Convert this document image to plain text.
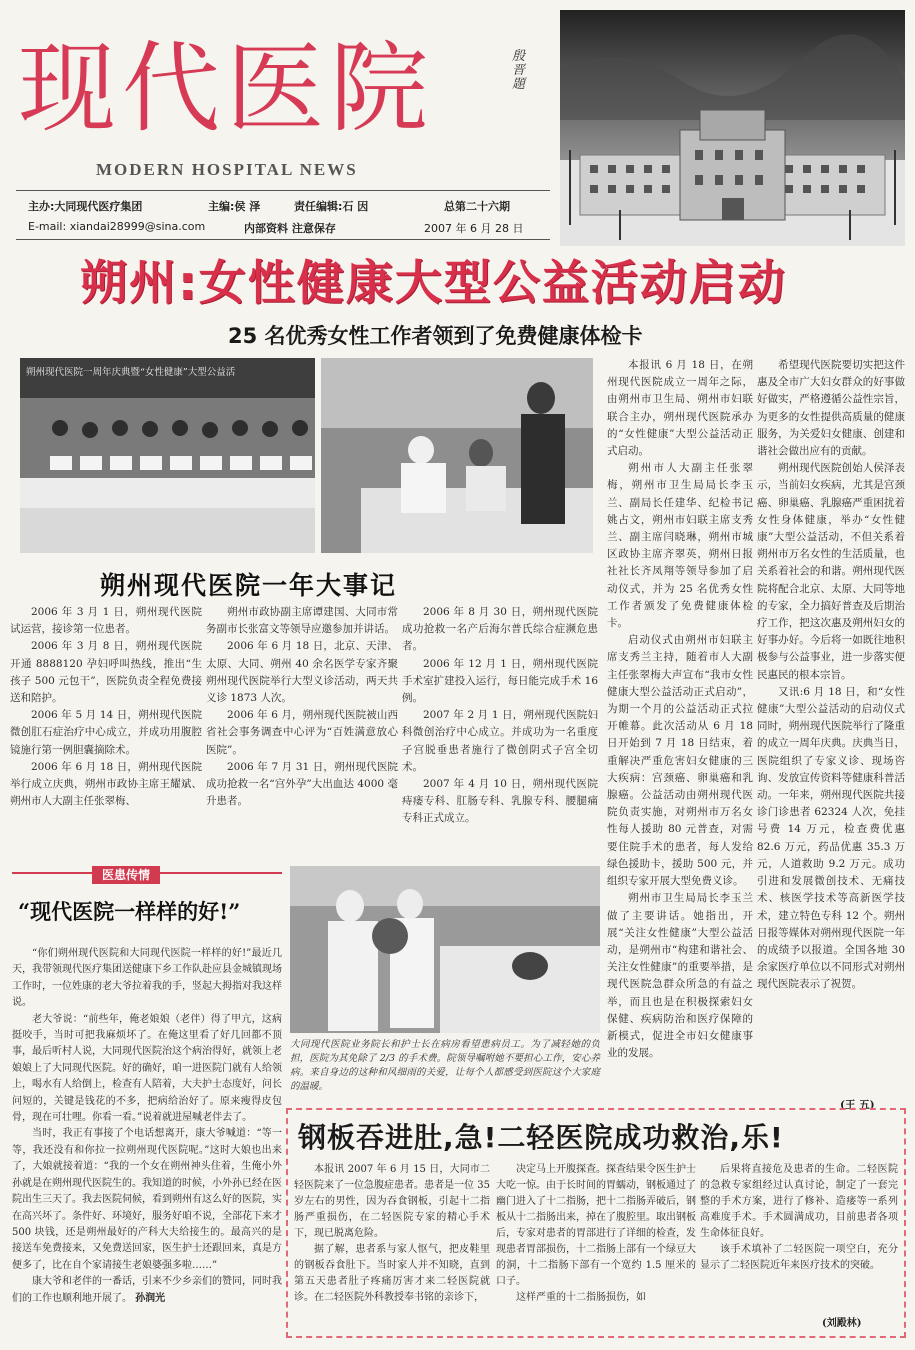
现代医院	殷晋題
MODERN HOSPITAL NEWS
主办:大同现代医疗集团	主编:侯 泽	责任编辑:石 因	总第二十六期
E-mail: xiandai28999@sina.com	内部资料 注意保存	2007 年 6 月 28 日
朔州:女性健康大型公益活动启动
25 名优秀女性工作者领到了免费健康体检卡
朔州现代医院一周年庆典暨“女性健康”大型公益活

本报讯 6 月 18 日，在朔州现代医院成立一周年之际，由朔州市卫生局、朔州市妇联联合主办，朔州现代医院承办的“女性健康”大型公益活动正式启动。

朔州市人大副主任张翠梅，朔州市卫生局局长李玉兰、副局长任建华、纪检书记姚占文，朔州市妇联主席支秀兰、副主席闫晓琳，朔州市城区政协主席齐翠英，朔州日报社社长齐凤翔等领导参加了启动仪式，并为 25 名优秀女性工作者颁发了免费健康体检卡。

启动仪式由朔州市妇联主席支秀兰主持，随着市人大副主任张翠梅大声宣布“我市女性健康大型公益活动正式启动”，为期一个月的公益活动正式拉开帷幕。此次活动从 6 月 18 日开始到 7 月 18 日结束，着重解决严重危害妇女健康的三大疾病：宫颈癌、卵巢癌和乳腺癌。公益活动由朔州现代医院负责实施，对朔州市万名女性每人援助 80 元普查，对需要住院手术的患者，每人发给绿色援助卡，援助 500 元，并组织专家开展大型免费义诊。

朔州市卫生局局长李玉兰做了主要讲话。她指出，开展“关注女性健康”大型公益活动，是朔州市“构建和谐社会、关注女性健康”的重要举措，是现代医院急群众所急的有益之举，而且也是在积极探索妇女保健、疾病防治和医疗保障的新模式，促进全市妇女健康事业的发展。

希望现代医院要切实把这件惠及全市广大妇女群众的好事做好做实，严格遵循公益性宗旨，为更多的女性提供高质量的健康服务，为关爱妇女健康、创建和谐社会做出应有的贡献。

朔州现代医院创始人侯泽表示，当前妇女疾病，尤其是宫颈癌、卵巢癌、乳腺癌严重困扰着女性身体健康，举办“女性健康”大型公益活动，不但关系着朔州市万名女性的生活质量，也关系着社会的和谐。朔州现代医院将配合北京、太原、大同等地的专家，全力搞好普查及后期治疗工作，把这次惠及朔州妇女的好事办好。今后将一如既往地积极参与公益事业，进一步落实便民惠民的根本宗旨。

又讯:6 月 18 日，和“女性健康”大型公益活动的启动仪式同时，朔州现代医院举行了隆重的成立一周年庆典。庆典当日，医院组织了专家义诊、现场咨询、发放宣传资料等健康科普活动。一年来，朔州现代医院共接诊门诊患者 62324 人次，免挂号费 14 万元，检查费优惠 82.6 万元，药品优惠 35.3 万元，人道救助 9.2 万元。成功引进和发展微创技术、无痛技术、核医学技术等高新医学技术，建立特色专科 12 个。朔州日报等媒体对朔州现代医院一年的成绩予以报道。全国各地 30 余家医疗单位以不同形式对朔州现代医院表示了祝贺。

(王 五)
朔州现代医院一年大事记

2006 年 3 月 1 日，朔州现代医院试运营，接诊第一位患者。

2006 年 3 月 8 日，朔州现代医院开通 8888120 孕妇呼叫热线，推出“生孩子 500 元包干”，医院负责全程免费接送和陪护。

2006 年 5 月 14 日，朔州现代医院微创肛石症治疗中心成立，并成功用腹腔镜施行第一例胆囊摘除术。

2006 年 6 月 18 日，朔州现代医院举行成立庆典，朔州市政协主席王耀斌、朔州市人大副主任张翠梅、

朔州市政协副主席谭建国、大同市常务副市长张富文等领导应邀参加并讲话。

2006 年 6 月 18 日，北京、天津、太原、大同、朔州 40 余名医学专家齐聚朔州现代医院举行大型义诊活动，两天共义诊 1873 人次。

2006 年 6 月，朔州现代医院被山西省社会事务调查中心评为“百姓满意放心医院”。

2006 年 7 月 31 日，朔州现代医院成功抢救一名“宫外孕”大出血达 4000 毫升患者。

2006 年 8 月 30 日，朔州现代医院成功抢救一名产后海尔普氏综合症濒危患者。

2006 年 12 月 1 日，朔州现代医院手术室扩建投入运行，每日能完成手术 16 例。

2007 年 2 月 1 日，朔州现代医院妇科微创治疗中心成立。并成功为一名重度子宫脱垂患者施行了微创阴式子宫全切术。

2007 年 4 月 10 日，朔州现代医院痔瘘专科、肛肠专科、乳腺专科、腰腿痛专科正式成立。

医患传情
“现代医院一样样的好!”

“你们朔州现代医院和大同现代医院一样样的好!”最近几天，我带领现代医疗集团送健康下乡工作队赴应县金城镇现场工作时，一位姓康的老大爷拉着我的手，竖起大拇指对我这样说。

老大爷说：“前些年，俺老娘娘（老伴）得了甲亢，这病挺咬手，当时可把我麻烦坏了。在俺这里看了好几回都不顶事，最后听村人说，大同现代医院治这个病治得好，就领上老娘娘上了大同现代医院。好的确好，咱一进医院门就有人给领上，喝水有人给倒上，检查有人陪着，大夫护士态度好，问长问短的，关键是钱花的不多，把病给治好了。原来瘦得皮包骨，现在可壮哩。你看一看。”说着就进屋喊老伴去了。

当时，我正有事接了个电话想离开，康大爷喊道：“等一等，我还没有和你拉一拉朔州现代医院呢。”这时大娘也出来了，大娘就接着道：“我的一个女在朔州神头住着，生俺小外孙就是在朔州现代医院生的。我知道的时候，小外孙已经在医院出生三天了。我去医院伺候，看到朔州有这么好的医院，实在高兴坏了。条件好、环境好，服务好咱不说，全部花下来才 500 块钱，还是朔州最好的产科大夫给接生的。最高兴的是接送车免费接来，又免费送回家，医生护士还跟回来，真是方便多了，比在自个家请接生老娘婆强多啦……”

康大爷和老伴的一番话，引来不少乡亲们的赞同，同时我们的工作也顺利地开展了。 孙润光

大同现代医院业务院长和护士长在病房看望患病员工。为了减轻她的负担，医院为其免除了 2/3 的手术费。院领导嘱咐她不要担心工作，安心养病。来自身边的这种和风细雨的关爱，让每个人都感受到医院这个大家庭的温暖。
钢板吞进肚,急!二轻医院成功救治,乐!

本报讯 2007 年 6 月 15 日，大同市二轻医院来了一位急腹症患者。患者是一位 35 岁左右的男性，因为吞食钢板，引起十二指肠严重损伤，在二轻医院专家的精心手术下，现已脱离危险。

据了解，患者系与家人怄气，把皮鞋里的钢板吞食肚下。当时家人并不知晓，直到第五天患者肚子疼痛厉害才来二轻医院就诊。在二轻医院外科教授奉书铭的亲诊下，

决定马上开腹探查。探查结果令医生护士大吃一惊。由于长时间的胃蠕动，钢板通过了幽门进入了十二指肠，把十二指肠弄破后，钢板从十二指肠出来，掉在了腹腔里。取出钢板后，专家对患者的胃部进行了详细的检查，发现患者胃部损伤，十二指肠上部有一个绿豆大的洞，十二指肠下部有一个宽约 1.5 厘米的口子。

这样严重的十二指肠损伤，如

后果将直接危及患者的生命。二轻医院的急救专家组经过认真讨论，制定了一套完整的手术方案，进行了修补、造瘘等一系列高难度手术。手术圆满成功，目前患者各项生命体征良好。

该手术填补了二轻医院一项空白，充分显示了二轻医院近年来医疗技术的突破。

(刘殿林)
